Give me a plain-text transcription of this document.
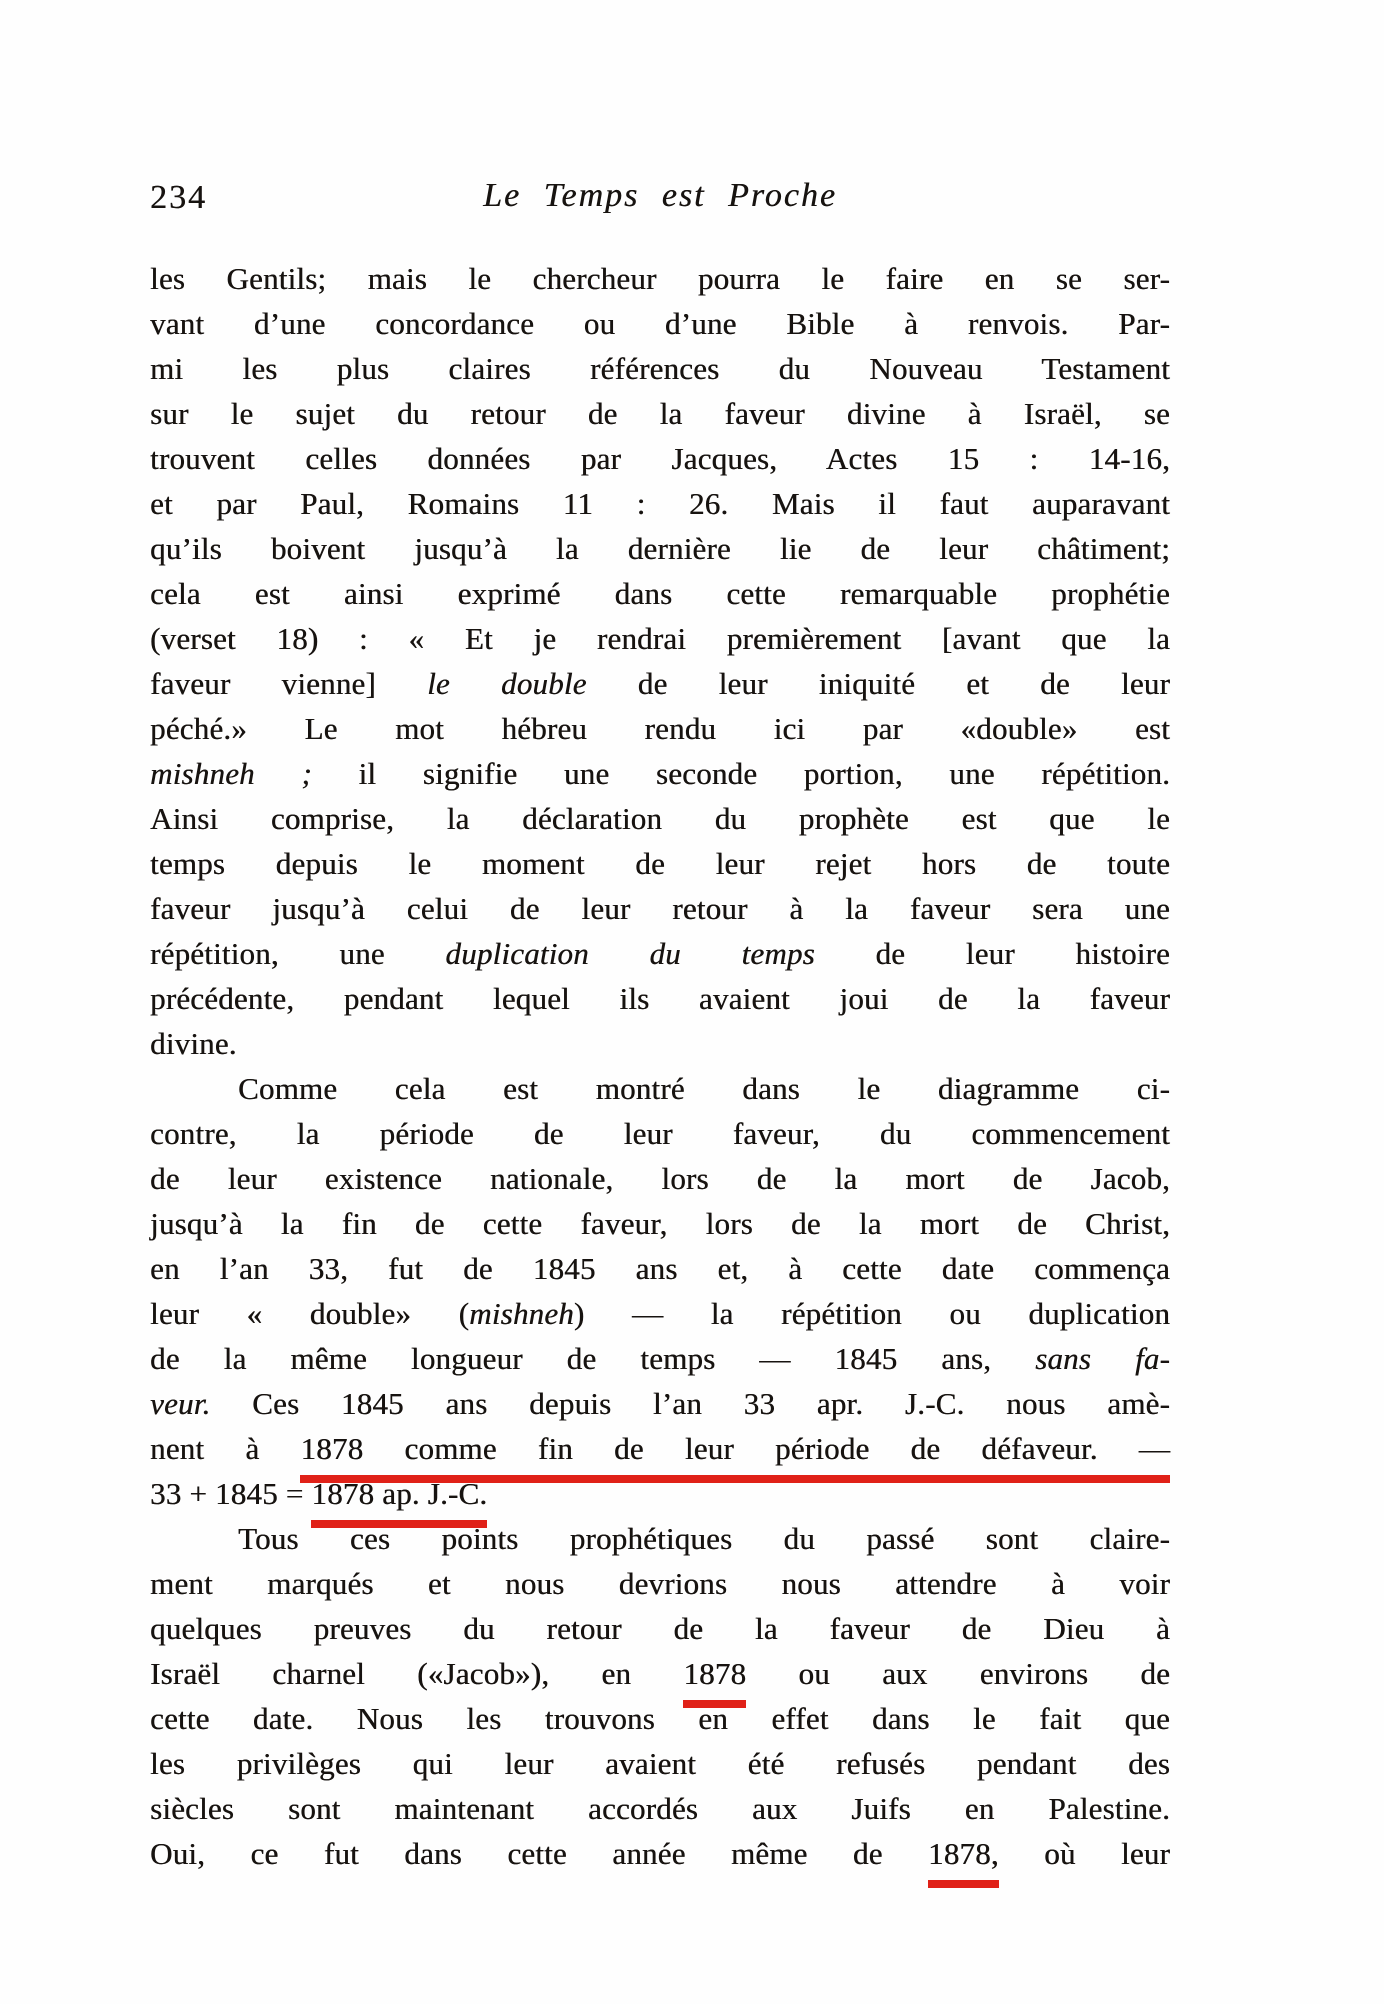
234	Le Temps est Proche
les Gentils; mais le chercheur pourra le faire en se ser-
vant d’une concordance ou d’une Bible à renvois. Par-
mi les plus claires références du Nouveau Testament
sur le sujet du retour de la faveur divine à Israël, se
trouvent celles données par Jacques, Actes 15 : 14-16,
et par Paul, Romains 11 : 26. Mais il faut auparavant
qu’ils boivent jusqu’à la dernière lie de leur châtiment;
cela est ainsi exprimé dans cette remarquable prophétie
(verset 18) : « Et je rendrai premièrement [avant que la
faveur vienne] le double de leur iniquité et de leur
péché.» Le mot hébreu rendu ici par «double» est
mishneh ; il signifie une seconde portion, une répétition.
Ainsi comprise, la déclaration du prophète est que le
temps depuis le moment de leur rejet hors de toute
faveur jusqu’à celui de leur retour à la faveur sera une
répétition, une duplication du temps de leur histoire
précédente, pendant lequel ils avaient joui de la faveur
divine.
Comme cela est montré dans le diagramme ci-
contre, la période de leur faveur, du commencement
de leur existence nationale, lors de la mort de Jacob,
jusqu’à la fin de cette faveur, lors de la mort de Christ,
en l’an 33, fut de 1845 ans et, à cette date commença
leur « double» (mishneh) — la répétition ou duplication
de la même longueur de temps — 1845 ans, sans fa-
veur. Ces 1845 ans depuis l’an 33 apr. J.-C. nous amè-
nent à 1878 comme fin de leur période de défaveur. —
33 + 1845 = 1878 ap. J.-C.
Tous ces points prophétiques du passé sont claire-
ment marqués et nous devrions nous attendre à voir
quelques preuves du retour de la faveur de Dieu à
Israël charnel («Jacob»), en 1878 ou aux environs de
cette date. Nous les trouvons en effet dans le fait que
les privilèges qui leur avaient été refusés pendant des
siècles sont maintenant accordés aux Juifs en Palestine.
Oui, ce fut dans cette année même de 1878, où leur
